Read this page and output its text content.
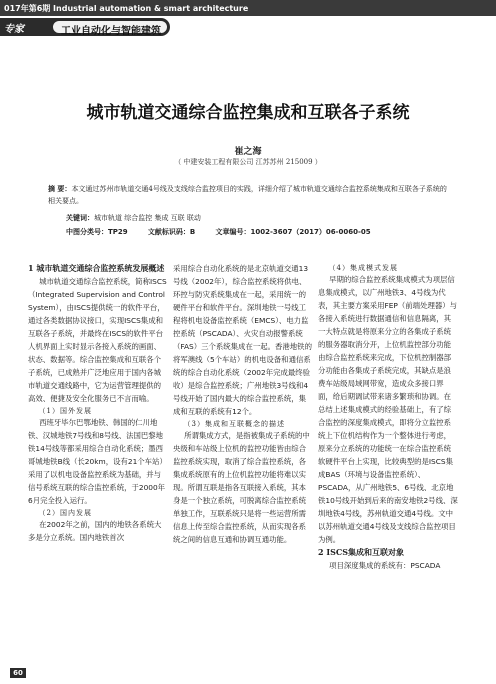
017年第6期 Industrial automation & smart architecture
专家	工业自动化与智能建筑
城市轨道交通综合监控集成和互联各子系统
崔之海
（ 中建安装工程有限公司 江苏苏州 215009 ）
摘 要：本文通过苏州市轨道交通4号线及支线综合监控项目的实践，详细介绍了城市轨道交通综合监控系统集成和互联各子系统的相关要点。
关键词：城市轨道 综合监控 集成 互联 联动
中图分类号：TP29	文献标识码：B	文章编号：1002-3607（2017）06-0060-05

1 城市轨道交通综合监控系统发展概述

城市轨道交通综合监控系统，简称ISCS（Integrated Supervision and Control System），由ISCS提供统一的软件平台，通过各类数据协议接口，实现ISCS集成和互联各子系统，并最终在ISCS的软件平台人机界面上实时显示各接入系统的画面、状态、数据等。综合监控集成和互联各个子系统，已成熟并广泛地应用于国内各城市轨道交通线路中，它为运营管理提供的高效、便捷及安全化服务已不言而喻。

（1）国外发展

西班牙毕尔巴鄂地铁、韩国的仁川地铁、汉城地铁7号线和8号线、法国巴黎地铁14号线等都采用综合自动化系统；墨西哥城地铁B线（长20km，设有21个车站）采用了以机电设备监控系统为基础，并与信号系统互联的综合监控系统，于2000年6月完全投入运行。

（2）国内发展

在2002年之前，国内的地铁各系统大多是分立系统。国内地铁首次

采用综合自动化系统的是北京轨道交通13号线（2002年），综合监控系统将供电、环控与防灾系统集成在一起，采用统一的硬件平台和软件平台。深圳地铁一号线工程将机电设备监控系统（EMCS）、电力监控系统（PSCADA）、火灾自动报警系统（FAS）三个系统集成在一起。香港地铁的将军澳线（5个车站）的机电设备和通信系统的综合自动化系统（2002年完成最终验收）是综合监控系统；广州地铁3号线和4号线开始了国内最大的综合监控系统，集成和互联的系统有12个。

（3）集成和互联概念的描述

所谓集成方式，是指被集成子系统的中央级和车站级上位机的监控功能皆由综合监控系统实现，取消了综合监控系统，各集成系统原有的上位机监控功能将难以实现。所谓互联是指各互联接入系统，其本身是一个独立系统，可脱离综合监控系统单独工作，互联系统只是将一些运营所需信息上传至综合监控系统，从而实现各系统之间的信息互通和协调互通功能。

（4）集成模式发展

早期的综合监控系统集成模式为项层信息集成模式，以广州地铁3、4号线为代表，其主要方案采用FEP（前端处理器）与各接入系统进行数据通信和信息隔离，其一大特点就是将原来分立的各集成子系统的服务器取消分开，上位机监控部分功能由综合监控系统来完成，下位机控制器部分功能由各集成子系统完成，其缺点是浪费车站级局域网带宽，造成众多接口界面，给后期调试带来诸多繁琐和协调。在总结上述集成模式的经验基础上，有了综合监控的深度集成模式，即将分立监控系统上下位机结构作为一个整体进行考虑，原来分立系统的功能统一在综合监控系统软硬件平台上实现，比较典型的是ISCS集成BAS（环境与设备监控系统）、PSCADA，从广州地铁5、6号线、北京地铁10号线开始到后来的南安地铁2号线、深圳地铁4号线，苏州轨道交通4号线。文中以苏州轨道交通4号线及支线综合监控项目为例。

2 ISCS集成和互联对象

项目深度集成的系统有：PSCADA

60
